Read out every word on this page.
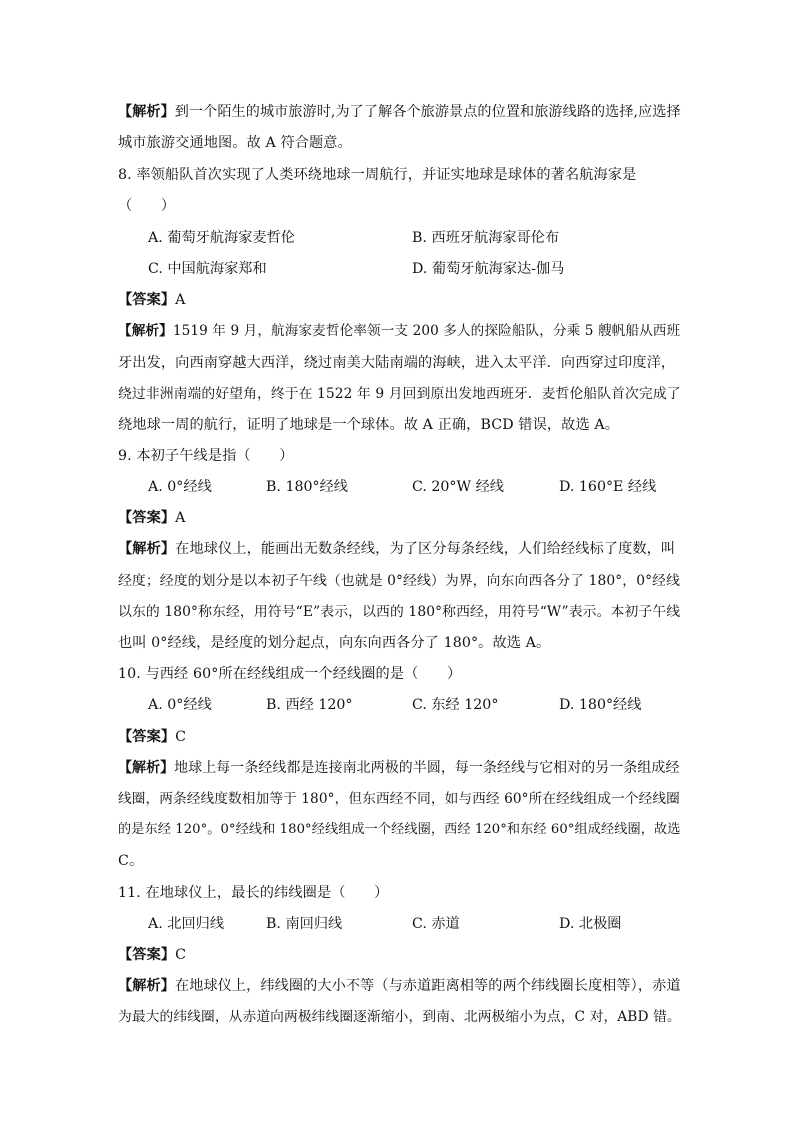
【解析】到一个陌生的城市旅游时,为了了解各个旅游景点的位置和旅游线路的选择,应选择
城市旅游交通地图。故 A 符合题意。
8. 率领船队首次实现了人类环绕地球一周航行，并证实地球是球体的著名航海家是
（　　）
A. 葡萄牙航海家麦哲伦	B. 西班牙航海家哥伦布
C. 中国航海家郑和	D. 葡萄牙航海家达-伽马
【答案】A
【解析】1519 年 9 月，航海家麦哲伦率领一支 200 多人的探险船队，分乘 5 艘帆船从西班
牙出发，向西南穿越大西洋，绕过南美大陆南端的海峡，进入太平洋．向西穿过印度洋，
绕过非洲南端的好望角，终于在 1522 年 9 月回到原出发地西班牙．麦哲伦船队首次完成了
绕地球一周的航行，证明了地球是一个球体。故 A 正确，BCD 错误，故选 A。
9. 本初子午线是指（　　）
A. 0°经线	B. 180°经线	C. 20°W 经线	D. 160°E 经线
【答案】A
【解析】在地球仪上，能画出无数条经线，为了区分每条经线，人们给经线标了度数，叫
经度；经度的划分是以本初子午线（也就是 0°经线）为界，向东向西各分了 180°，0°经线
以东的 180°称东经，用符号“E”表示，以西的 180°称西经，用符号“W”表示。本初子午线
也叫 0°经线，是经度的划分起点，向东向西各分了 180°。故选 A。
10. 与西经 60°所在经线组成一个经线圈的是（　　）
A. 0°经线	B. 西经 120°	C. 东经 120°	D. 180°经线
【答案】C
【解析】地球上每一条经线都是连接南北两极的半圆，每一条经线与它相对的另一条组成经
线圈，两条经线度数相加等于 180°，但东西经不同，如与西经 60°所在经线组成一个经线圈
的是东经 120°。0°经线和 180°经线组成一个经线圈，西经 120°和东经 60°组成经线圈，故选
C。
11. 在地球仪上，最长的纬线圈是（　　）
A. 北回归线	B. 南回归线	C. 赤道	D. 北极圈
【答案】C
【解析】在地球仪上，纬线圈的大小不等（与赤道距离相等的两个纬线圈长度相等），赤道
为最大的纬线圈，从赤道向两极纬线圈逐渐缩小，到南、北两极缩小为点，C 对，ABD 错。
